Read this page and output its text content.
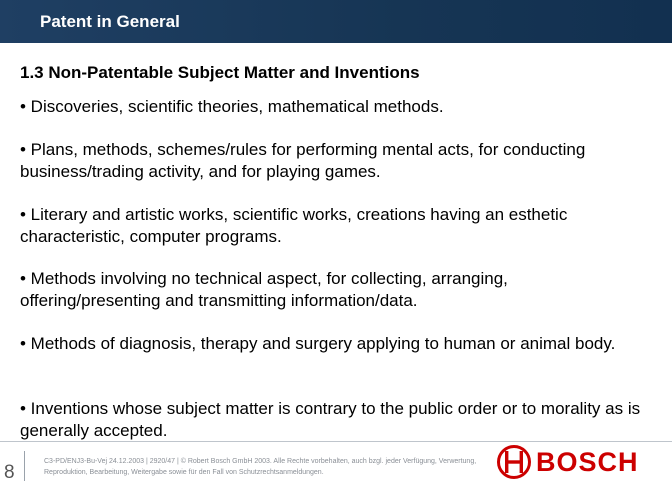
Patent in General
1.3 Non-Patentable Subject Matter and Inventions
• Discoveries, scientific theories, mathematical methods.
• Plans, methods, schemes/rules for performing mental acts, for conducting business/trading activity, and for playing games.
• Literary and artistic works, scientific works, creations having an esthetic characteristic, computer programs.
• Methods involving no technical aspect, for collecting, arranging, offering/presenting and transmitting information/data.
• Methods of diagnosis, therapy and surgery applying to human or animal body.
• Inventions whose subject matter is contrary to the public order or to morality as is generally accepted.
8
C3-PD/ENJ3-Bu-Vej 24.12.2003 | 2920/47 | © Robert Bosch GmbH 2003. Alle Rechte vorbehalten, auch bzgl. jeder Verfügung, Verwertung,
Reproduktion, Bearbeitung, Weitergabe sowie für den Fall von Schutzrechtsanmeldungen.	BOSCH
